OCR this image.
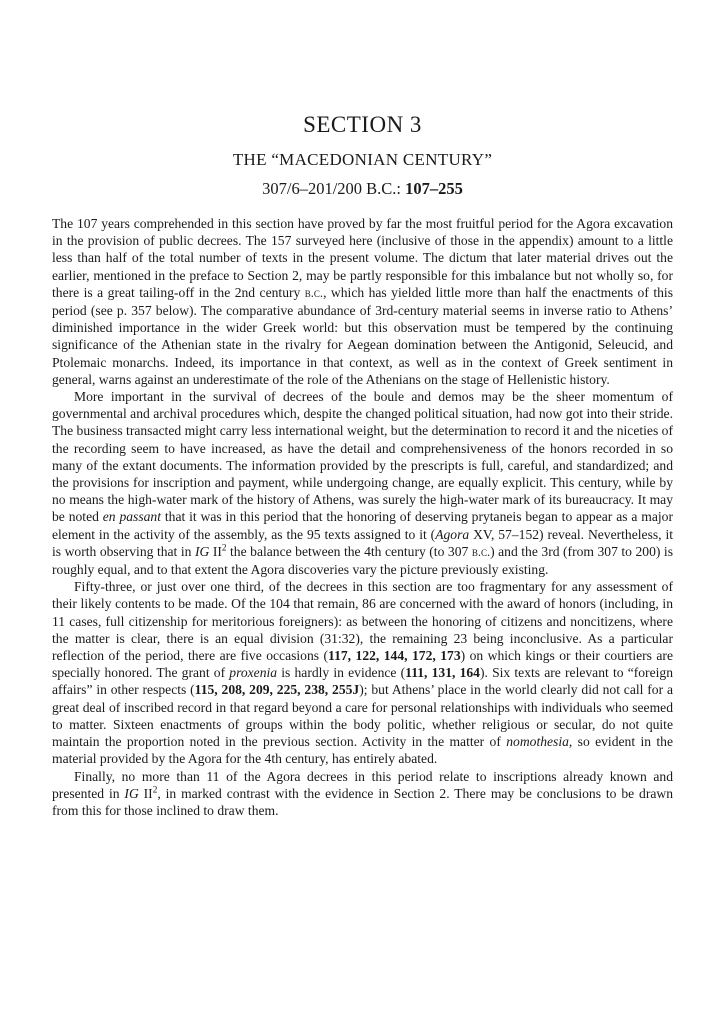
SECTION 3
THE “MACEDONIAN CENTURY”
307/6–201/200 B.C.: 107–255

The 107 years comprehended in this section have proved by far the most fruitful period for the Agora excavation in the provision of public decrees. The 157 surveyed here (inclusive of those in the appendix) amount to a little less than half of the total number of texts in the present volume. The dictum that later material drives out the earlier, mentioned in the preface to Section 2, may be partly responsible for this imbalance but not wholly so, for there is a great tailing-off in the 2nd century b.c., which has yielded little more than half the enactments of this period (see p. 357 below). The comparative abundance of 3rd-century material seems in inverse ratio to Athens’ diminished importance in the wider Greek world: but this observation must be tempered by the continuing significance of the Athenian state in the rivalry for Aegean domination between the Antigonid, Seleucid, and Ptolemaic monarchs. Indeed, its importance in that context, as well as in the context of Greek sentiment in general, warns against an underestimate of the role of the Athenians on the stage of Hellenistic history.

More important in the survival of decrees of the boule and demos may be the sheer momentum of governmental and archival procedures which, despite the changed political situation, had now got into their stride. The business transacted might carry less international weight, but the determination to record it and the niceties of the recording seem to have increased, as have the detail and comprehensiveness of the honors recorded in so many of the extant documents. The information provided by the prescripts is full, careful, and standardized; and the provisions for inscription and payment, while undergoing change, are equally explicit. This century, while by no means the high-water mark of the history of Athens, was surely the high-water mark of its bureaucracy. It may be noted en passant that it was in this period that the honoring of deserving prytaneis began to appear as a major element in the activity of the assembly, as the 95 texts assigned to it (Agora XV, 57–152) reveal. Nevertheless, it is worth observing that in IG $II^2$ the balance between the 4th century (to 307 b.c.) and the 3rd (from 307 to 200) is roughly equal, and to that extent the Agora discoveries vary the picture previously existing.

Fifty-three, or just over one third, of the decrees in this section are too fragmentary for any assessment of their likely contents to be made. Of the 104 that remain, 86 are concerned with the award of honors (including, in 11 cases, full citizenship for meritorious foreigners): as between the honoring of citizens and noncitizens, where the matter is clear, there is an equal division (31:32), the remaining 23 being inconclusive. As a particular reflection of the period, there are five occasions (117, 122, 144, 172, 173) on which kings or their courtiers are specially honored. The grant of proxenia is hardly in evidence (111, 131, 164). Six texts are relevant to “foreign affairs” in other respects (115, 208, 209, 225, 238, 255J); but Athens’ place in the world clearly did not call for a great deal of inscribed record in that regard beyond a care for personal relationships with individuals who seemed to matter. Sixteen enactments of groups within the body politic, whether religious or secular, do not quite maintain the proportion noted in the previous section. Activity in the matter of nomothesia, so evident in the material provided by the Agora for the 4th century, has entirely abated.

Finally, no more than 11 of the Agora decrees in this period relate to inscriptions already known and presented in IG $II^2$, in marked contrast with the evidence in Section 2. There may be conclusions to be drawn from this for those inclined to draw them.
